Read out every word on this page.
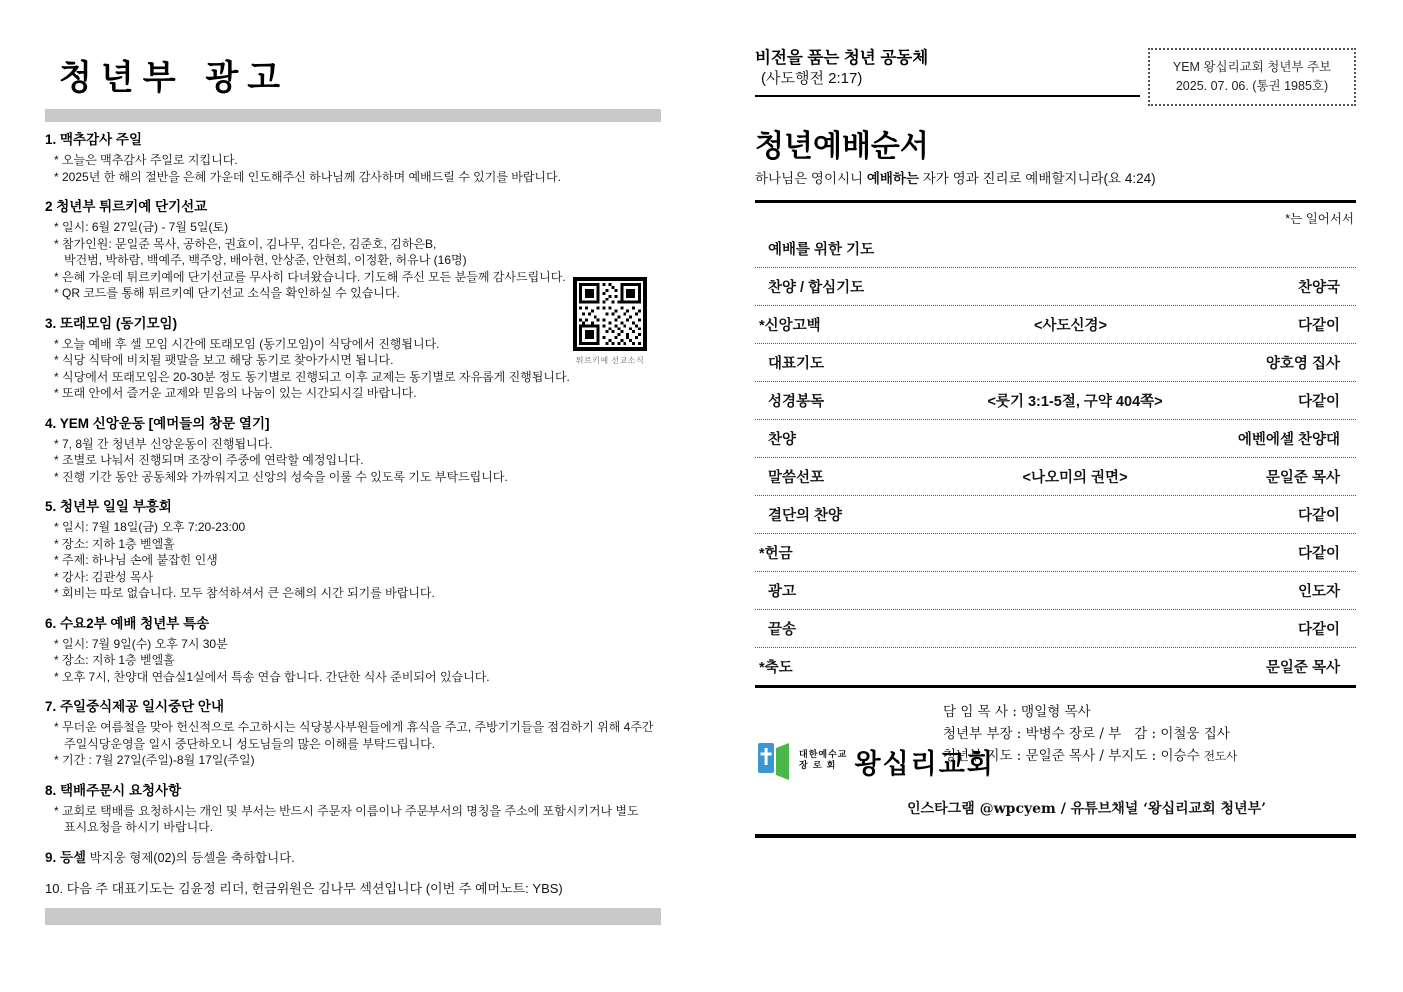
청년부 광고
1. 맥추감사 주일
* 오늘은 맥추감사 주일로 지킵니다.
* 2025년 한 해의 절반을 은혜 가운데 인도해주신 하나님께 감사하며 예배드릴 수 있기를 바랍니다.
2 청년부 튀르키예 단기선교
* 일시: 6월 27일(금) - 7월 5일(토)
* 참가인원: 문일준 목사, 공하은, 권효이, 김나무, 김다은, 김준호, 김하은B,
박건범, 박하람, 백예주, 백주앙, 배아현, 안상준, 안현희, 이정환, 허유나 (16명)
* 은혜 가운데 튀르키예에 단기선교를 무사히 다녀왔습니다. 기도해 주신 모든 분들께 감사드립니다.
* QR 코드를 통해 튀르키예 단기선교 소식을 확인하실 수 있습니다.
3. 또래모임 (동기모임)
* 오늘 예배 후 셀 모임 시간에 또래모임 (동기모임)이 식당에서 진행됩니다.
* 식당 식탁에 비치될 팻말을 보고 해당 동기로 찾아가시면 됩니다.
* 식당에서 또래모임은 20-30분 정도 동기별로 진행되고 이후 교제는 동기별로 자유롭게 진행됩니다.
* 또래 안에서 즐거운 교제와 믿음의 나눔이 있는 시간되시길 바랍니다.
4. YEM 신앙운동 [예머들의 창문 열기]
* 7, 8월 간 청년부 신앙운동이 진행됩니다.
* 조별로 나눠서 진행되며 조장이 주중에 연락할 예정입니다.
* 진행 기간 동안 공동체와 가까워지고 신앙의 성숙을 이룰 수 있도록 기도 부탁드립니다.
5. 청년부 일일 부흥회
* 일시: 7월 18일(금) 오후 7:20-23:00
* 장소: 지하 1층 벧엘홀
* 주제: 하나님 손에 붙잡힌 인생
* 강사: 김관성 목사
* 회비는 따로 없습니다. 모두 참석하셔서 큰 은혜의 시간 되기를 바랍니다.
6. 수요2부 예배 청년부 특송
* 일시: 7월 9일(수) 오후 7시 30분
* 장소: 지하 1층 벧엘홀
* 오후 7시, 찬양대 연습실1실에서 특송 연습 합니다. 간단한 식사 준비되어 있습니다.
7. 주일중식제공 일시중단 안내
* 무더운 여름철을 맞아 헌신적으로 수고하시는 식당봉사부원들에게 휴식을 주고, 주방기기들을 점검하기 위해 4주간
주일식당운영을 일시 중단하오니 성도님들의 많은 이해를 부탁드립니다.
* 기간 : 7월 27일(주일)-8월 17일(주일)
8. 택배주문시 요청사항
* 교회로 택배를 요청하시는 개인 및 부서는 반드시 주문자 이름이나 주문부서의 명칭을 주소에 포함시키거나 별도
표시요청을 하시기 바랍니다.
9. 등셀 박지웅 형제(02)의 등셀을 축하합니다.
10. 다음 주 대표기도는 김윤정 리더, 헌금위원은 김나무 섹션입니다 (이번 주 예머노트: YBS)
튀르키예 선교소식
비전을 품는 청년 공동체
(사도행전 2:17)
YEM 왕십리교회 청년부 주보
2025. 07. 06. (통권 1985호)
청년예배순서
하나님은 영이시니 예배하는 자가 영과 진리로 예배할지니라(요 4:24)
*는 일어서서
예배를 위한 기도
찬양 / 합심기도	찬양국
*신앙고백	<사도신경>	다같이
대표기도	양호영 집사
성경봉독	<룻기 3:1-5절, 구약 404쪽>	다같이
찬양	에벤에셀 찬양대
말씀선포	<나오미의 권면>	문일준 목사
결단의 찬양	다같이
*헌금	다같이
광고	인도자
끝송	다같이
*축도	문일준 목사
대한예수교
장 로 회 왕십리교회
담 임 목 사 : 맹일형 목사
청년부 부장 : 박병수 장로 / 부   감 : 이철웅 집사
청년부 지도 : 문일준 목사 / 부지도 : 이승수 전도사
인스타그램 @wpcyem / 유튜브채널 ‘왕십리교회 청년부’
